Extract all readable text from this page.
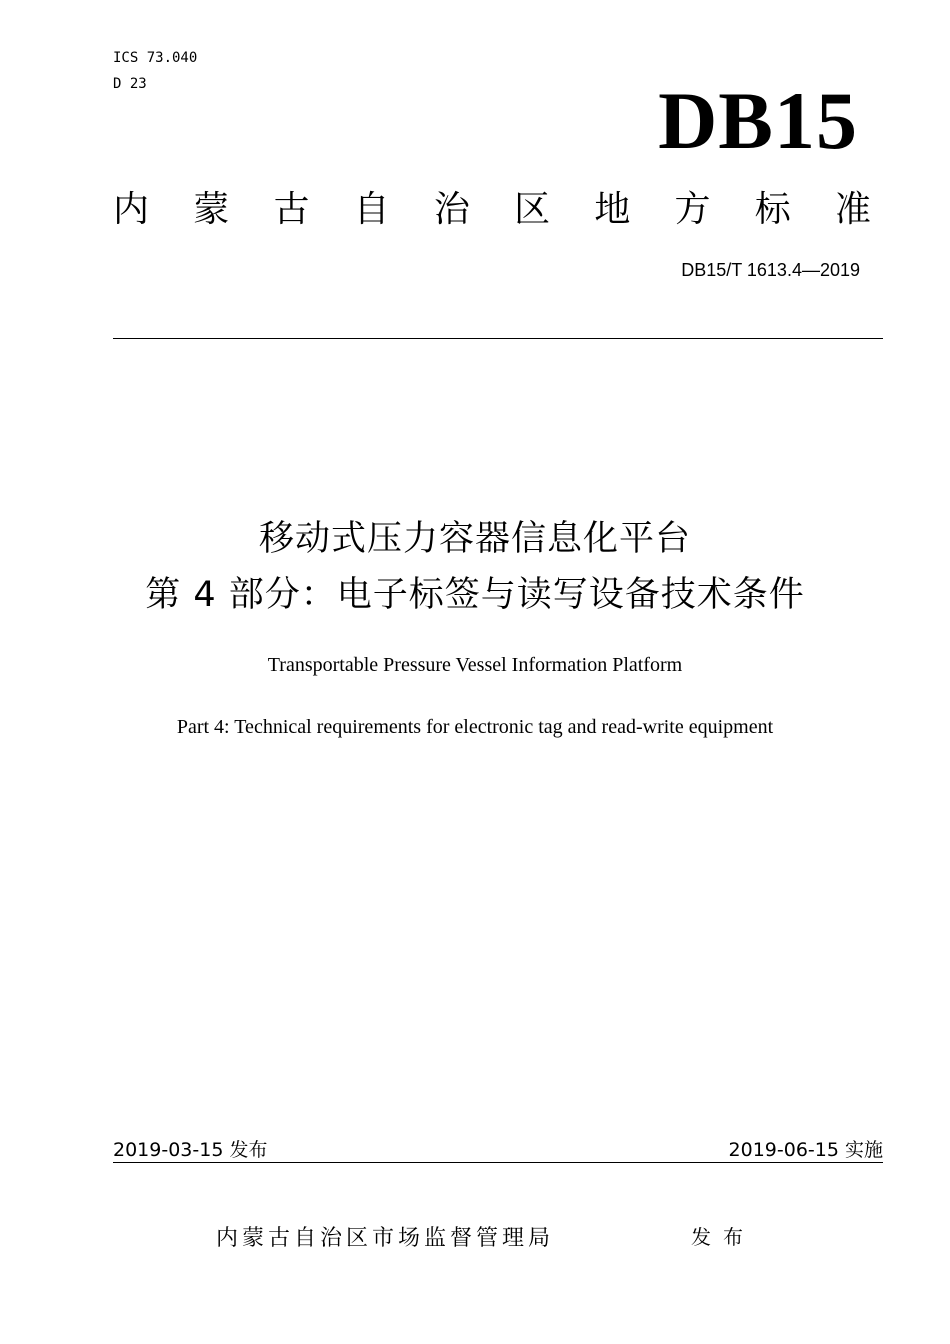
ICS 73.040
D 23	DB15
内 蒙 古 自 治 区 地 方 标 准
DB15/T 1613.4—2019
移动式压力容器信息化平台
第 4 部分：电子标签与读写设备技术条件
Transportable Pressure Vessel Information Platform
Part 4: Technical requirements for electronic tag and read-write equipment
2019-03-15 发布	2019-06-15 实施
内蒙古自治区市场监督管理局	发布
